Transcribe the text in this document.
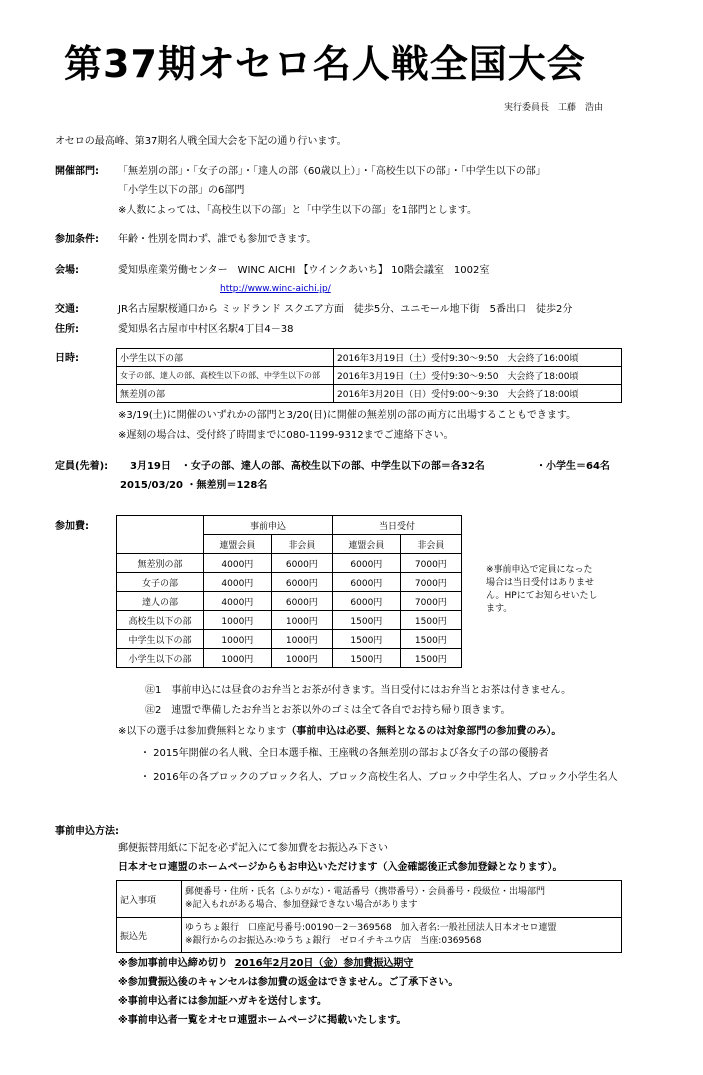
第37期オセロ名人戦全国大会
実行委員長　工藤　浩由
オセロの最高峰、第37期名人戦全国大会を下記の通り行います。
開催部門: 「無差別の部」・「女子の部」・「達人の部（60歳以上）」・「高校生以下の部」・「中学生以下の部」
「小学生以下の部」の6部門
※人数によっては、「高校生以下の部」と「中学生以下の部」を1部門とします。
参加条件: 年齢・性別を問わず、誰でも参加できます。
会場:	愛知県産業労働センター　WINC AICHI 【ウインクあいち】 10階会議室　1002室
http://www.winc-aichi.jp/
交通:	JR名古屋駅桜通口から ミッドランド スクエア方面　徒歩5分、ユニモール地下街　5番出口　徒歩2分
住所:	愛知県名古屋市中村区名駅4丁目4－38
日時:	小学生以下の部	2016年3月19日（土）受付9:30～9:50　大会終了16:00頃
女子の部、達人の部、高校生以下の部、中学生以下の部	2016年3月19日（土）受付9:30～9:50　大会終了18:00頃
無差別の部	2016年3月20日（日）受付9:00～9:30　大会終了18:00頃
※3/19(土)に開催のいずれかの部門と3/20(日)に開催の無差別の部の両方に出場することもできます。
※遅刻の場合は、受付終了時間までに080-1199-9312までご連絡下さい。
定員(先着): 3月19日　・女子の部、達人の部、高校生以下の部、中学生以下の部＝各32名	・小学生＝64名
2015/03/20 ・無差別＝128名
参加費:
		事前申込		当日受付	
	連盟会員	非会員	連盟会員	非会員
無差別の部	4000円	6000円	6000円	7000円
女子の部	4000円	6000円	6000円	7000円
達人の部	4000円	6000円	6000円	7000円
高校生以下の部	1000円	1000円	1500円	1500円
中学生以下の部	1000円	1000円	1500円	1500円
小学生以下の部	1000円	1000円	1500円	1500円
※事前申込で定員になった
場合は当日受付はありませ
ん。HPにてお知らせいたし
ます。
㊟1　事前申込には昼食のお弁当とお茶が付きます。当日受付にはお弁当とお茶は付きません。
㊟2　連盟で準備したお弁当とお茶以外のゴミは全て各自でお持ち帰り頂きます。
※以下の選手は参加費無料となります（事前申込は必要、無料となるのは対象部門の参加費のみ）。
・ 2015年開催の名人戦、全日本選手権、王座戦の各無差別の部および各女子の部の優勝者
・ 2016年の各ブロックのブロック名人、ブロック高校生名人、ブロック中学生名人、ブロック小学生名人
事前申込方法:
郵便振替用紙に下記を必ず記入にて参加費をお振込み下さい
日本オセロ連盟のホームページからもお申込いただけます（入金確認後正式参加登録となります）。
記入事項	郵便番号・住所・氏名（ふりがな）・電話番号（携帯番号）・会員番号・段級位・出場部門
※記入もれがある場合、参加登録できない場合があります

振込先	ゆうちょ銀行　口座記号番号:00190－2－369568　加入者名:一般社団法人日本オセロ連盟
※銀行からのお振込み:ゆうちょ銀行　ゼロイチキユウ店　当座:0369568
※参加事前申込締め切り 2016年2月20日（金）参加費振込期守
※参加費振込後のキャンセルは参加費の返金はできません。ご了承下さい。
※事前申込者には参加証ハガキを送付します。
※事前申込者一覧をオセロ連盟ホームページに掲載いたします。
